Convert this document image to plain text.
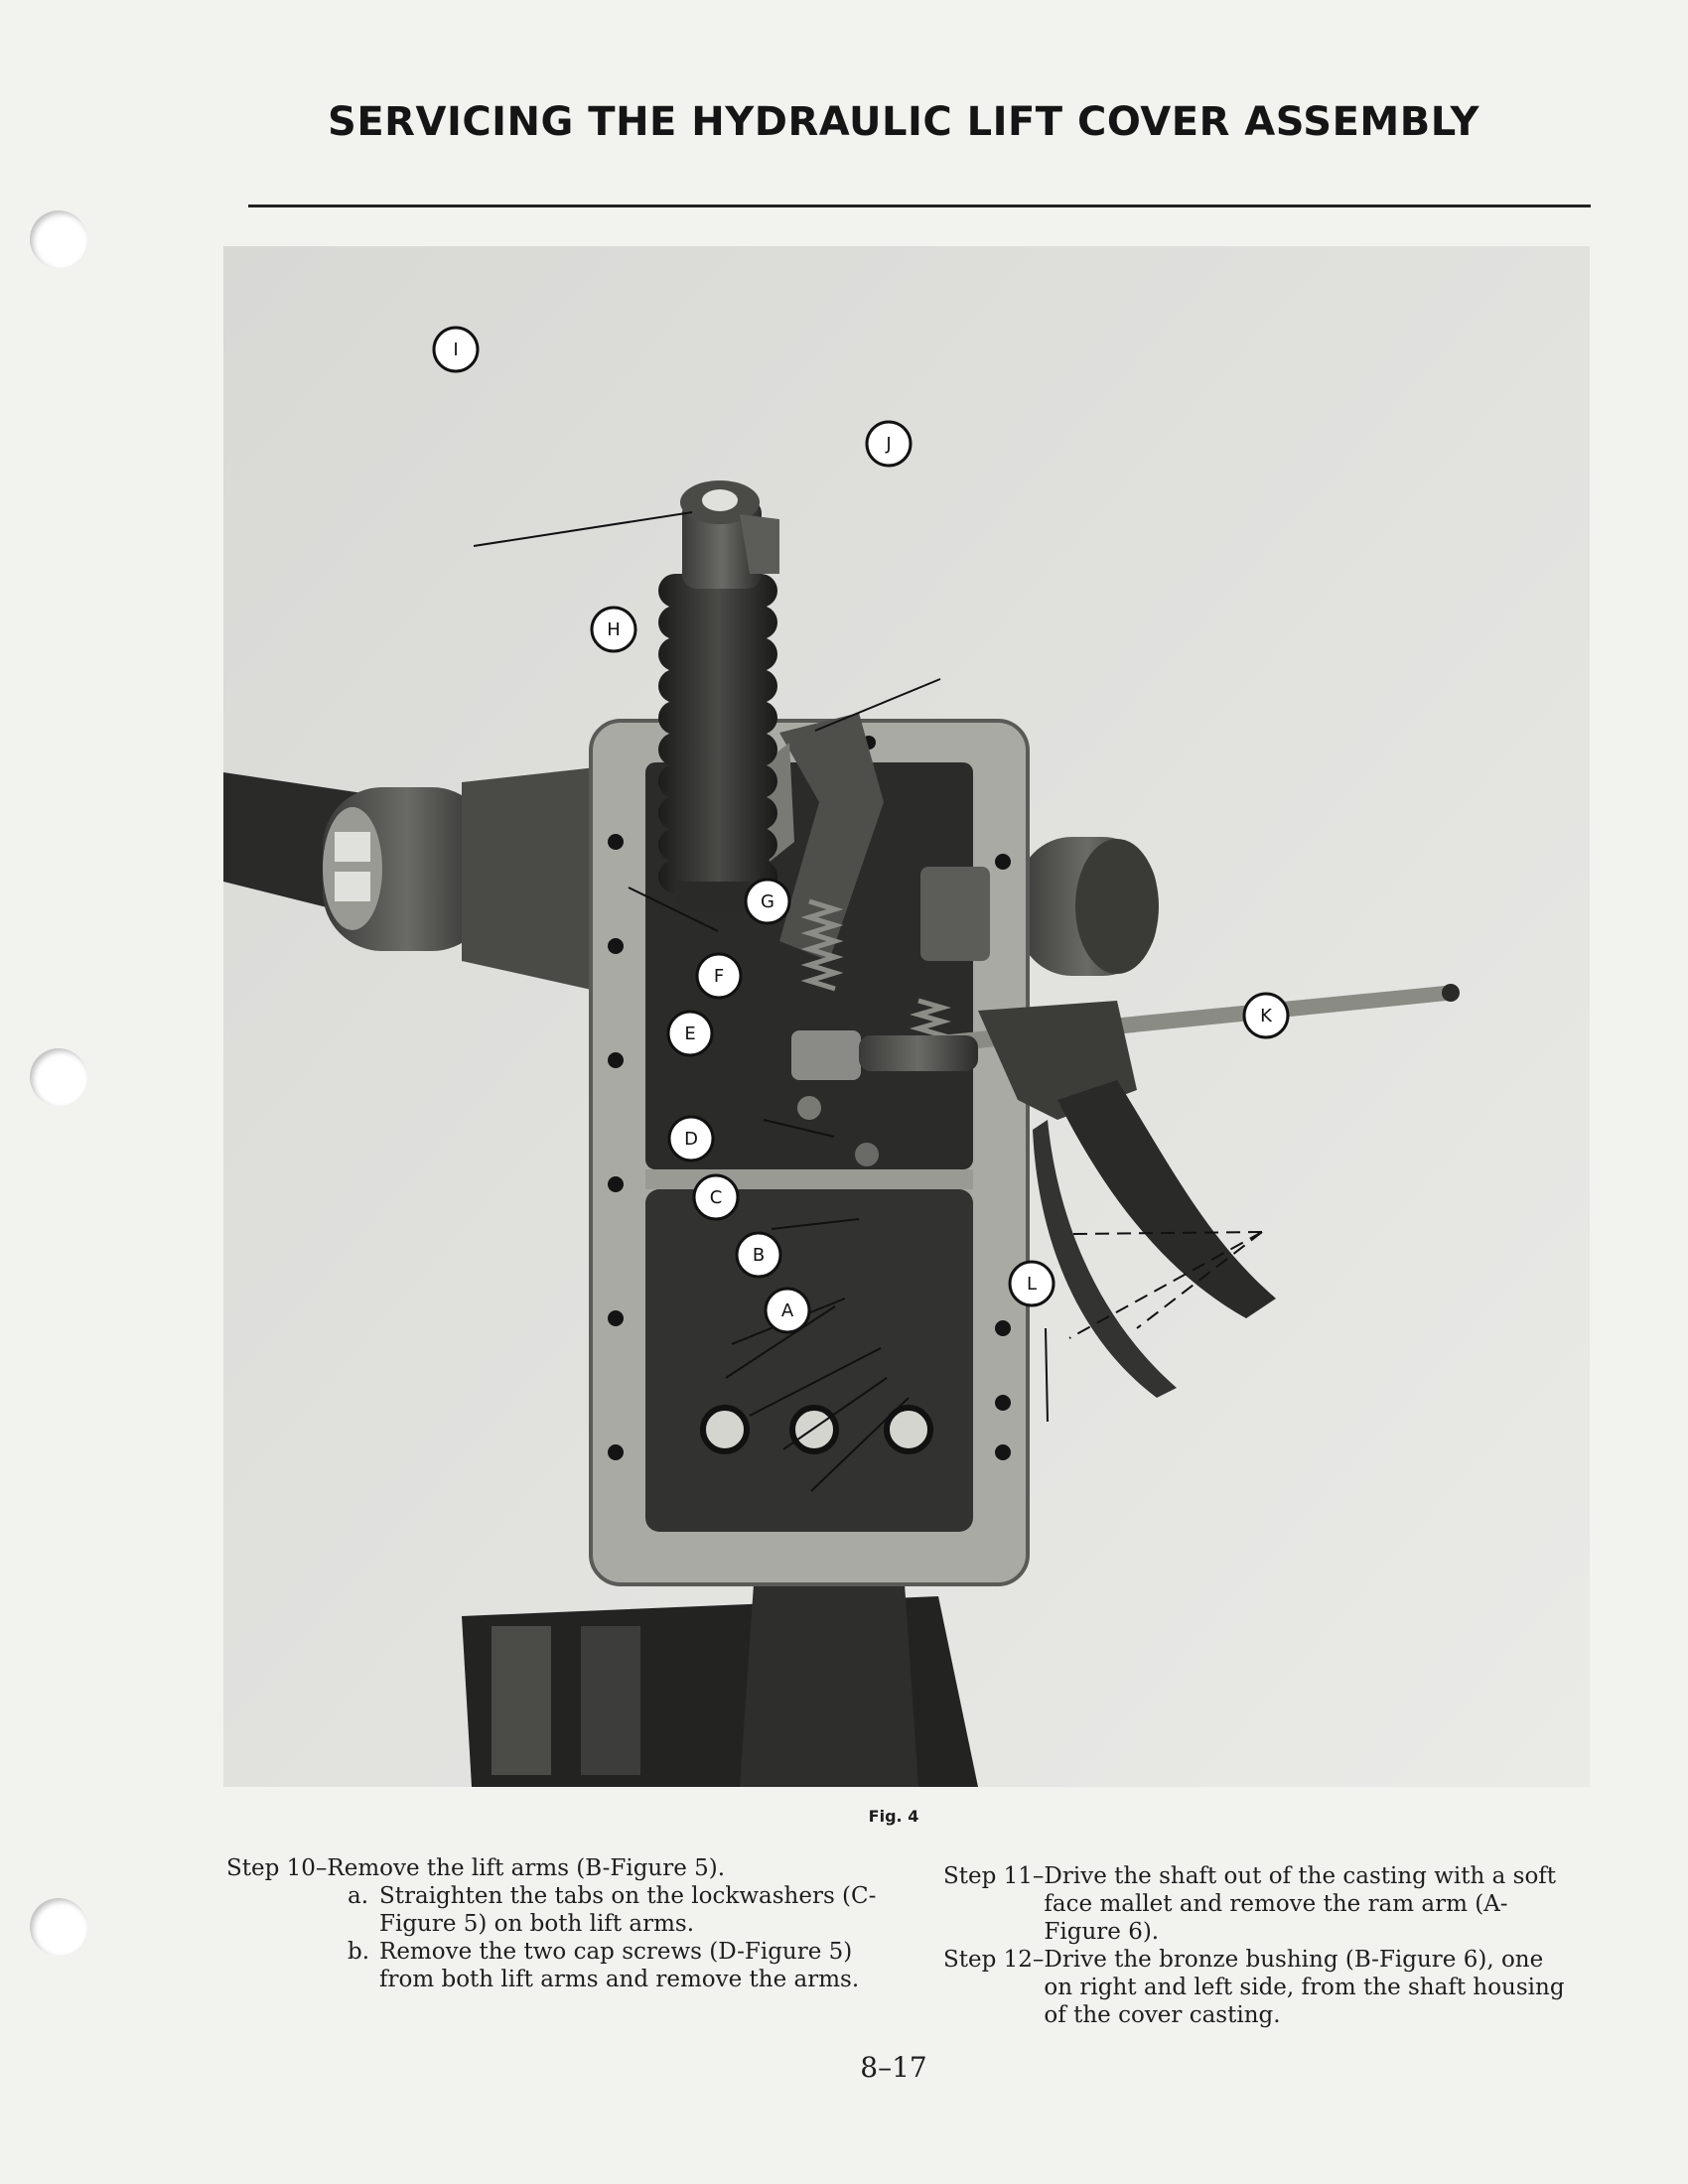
SERVICING THE HYDRAULIC LIFT COVER ASSEMBLY
I
J
H
G
F
E
D
C
B
A
K
L
Fig. 4
Step 10– Remove the lift arms (B-Figure 5).
a. Straighten the tabs on the lockwashers (C-Figure 5) on both lift arms.
b. Remove the two cap screws (D-Figure 5) from both lift arms and remove the arms.
Step 11– Drive the shaft out of the casting with a soft face mallet and remove the ram arm (A-Figure 6).
Step 12– Drive the bronze bushing (B-Figure 6), one on right and left side, from the shaft housing of the cover casting.
8–17
